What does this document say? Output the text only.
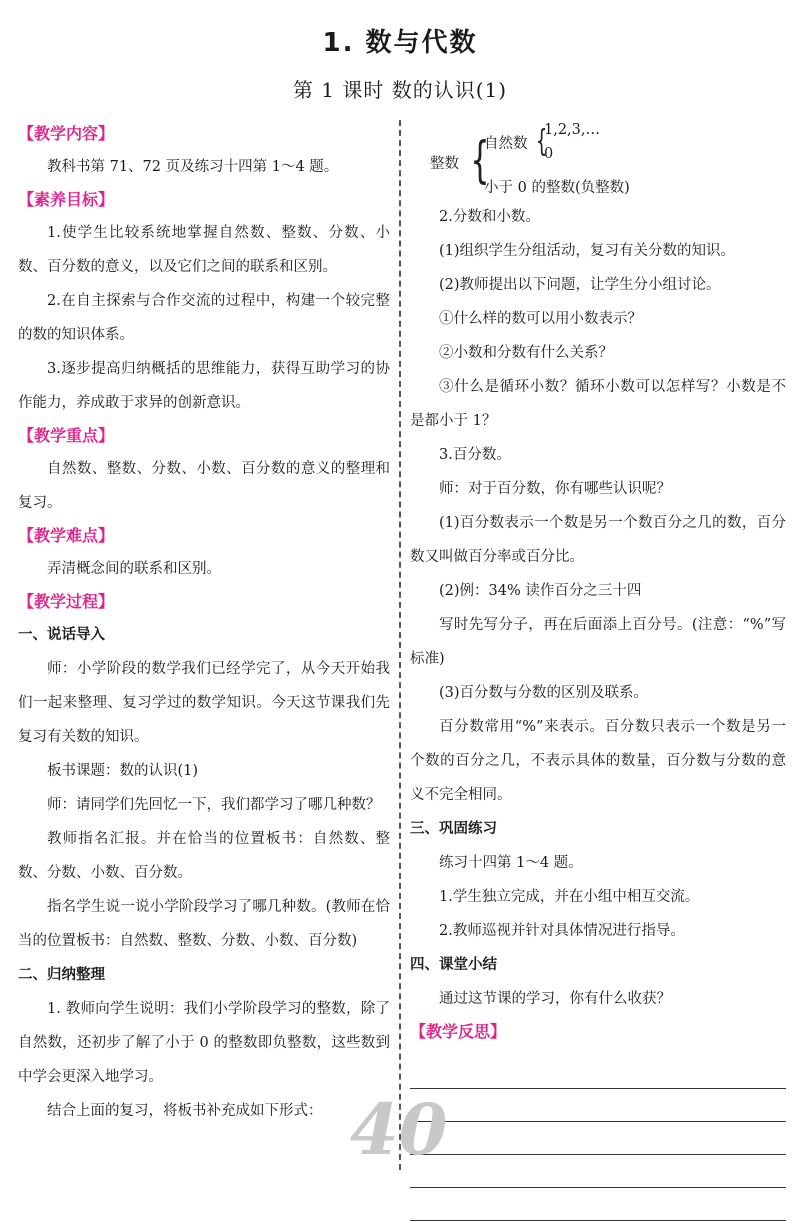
1. 数与代数
第 1 课时 数的认识(1)

【教学内容】

教科书第 71、72 页及练习十四第 1～4 题。

【素养目标】

1.使学生比较系统地掌握自然数、整数、分数、小数、百分数的意义，以及它们之间的联系和区别。

2.在自主探索与合作交流的过程中，构建一个较完整的数的知识体系。

3.逐步提高归纳概括的思维能力，获得互助学习的协作能力，养成敢于求异的创新意识。

【教学重点】

自然数、整数、分数、小数、百分数的意义的整理和复习。

【教学难点】

弄清概念间的联系和区别。

【教学过程】

一、说话导入

师：小学阶段的数学我们已经学完了，从今天开始我们一起来整理、复习学过的数学知识。今天这节课我们先复习有关数的知识。

板书课题：数的认识(1)

师：请同学们先回忆一下，我们都学习了哪几种数？

教师指名汇报。并在恰当的位置板书：自然数、整数、分数、小数、百分数。

指名学生说一说小学阶段学习了哪几种数。(教师在恰当的位置板书：自然数、整数、分数、小数、百分数)

二、归纳整理

1. 教师向学生说明：我们小学阶段学习的整数，除了自然数，还初步了解了小于 0 的整数即负整数，这些数到中学会更深入地学习。

结合上面的复习，将板书补充成如下形式：

整数 {
自然数 {
1,2,3,…
0
小于 0 的整数(负整数)

2.分数和小数。

(1)组织学生分组活动，复习有关分数的知识。

(2)教师提出以下问题，让学生分小组讨论。

①什么样的数可以用小数表示？

②小数和分数有什么关系？

③什么是循环小数？循环小数可以怎样写？小数是不是都小于 1？

3.百分数。

师：对于百分数，你有哪些认识呢？

(1)百分数表示一个数是另一个数百分之几的数，百分数又叫做百分率或百分比。

(2)例：34% 读作百分之三十四

写时先写分子，再在后面添上百分号。(注意：“%”写标准)

(3)百分数与分数的区别及联系。

百分数常用“%”来表示。百分数只表示一个数是另一个数的百分之几，不表示具体的数量，百分数与分数的意义不完全相同。

三、巩固练习

练习十四第 1～4 题。

1.学生独立完成，并在小组中相互交流。

2.教师巡视并针对具体情况进行指导。

四、课堂小结

通过这节课的学习，你有什么收获？

【教学反思】

40
